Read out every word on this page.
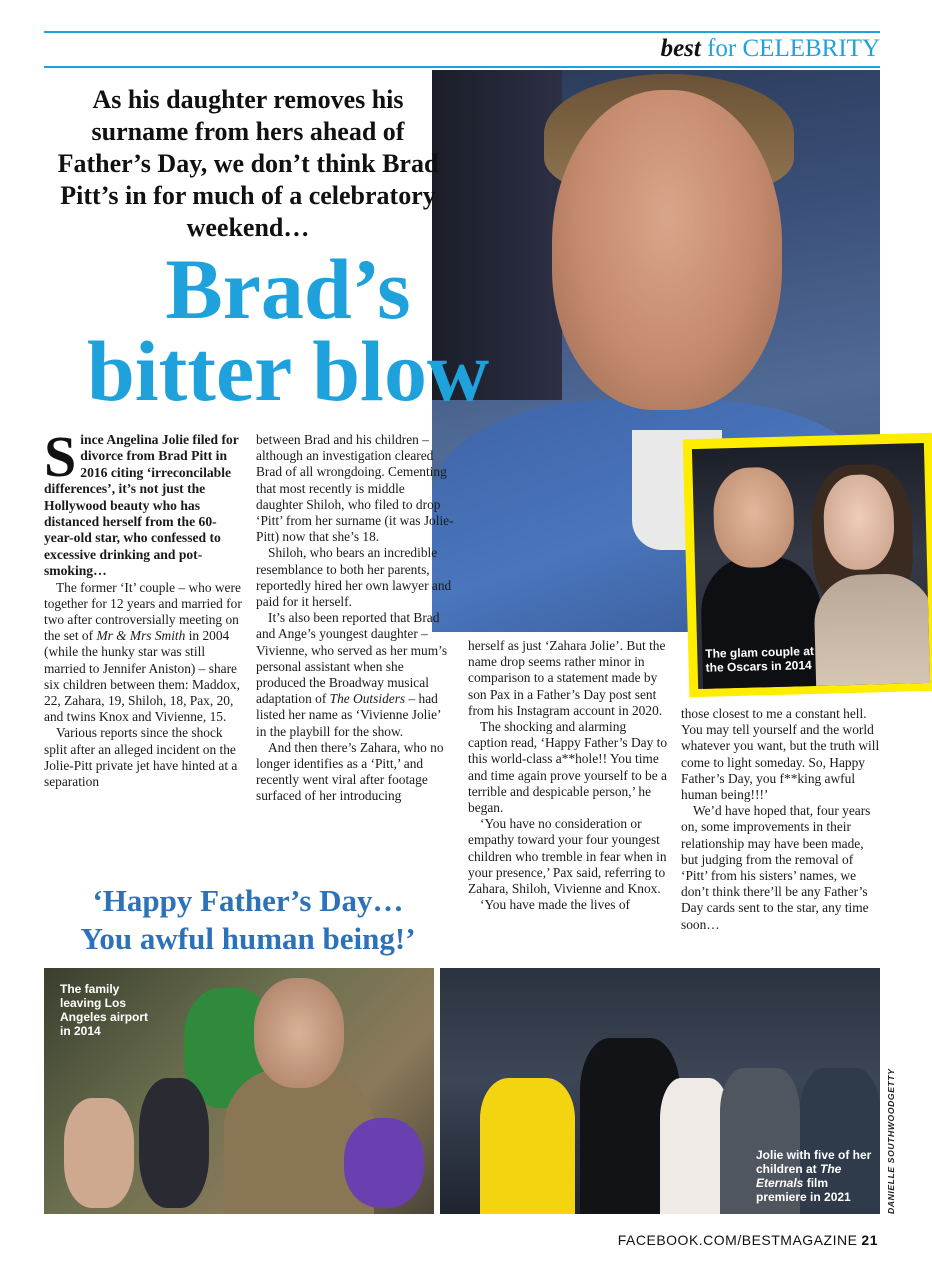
best for CELEBRITY
The glam couple at the Oscars in 2014
As his daughter removes his surname from hers ahead of Father’s Day, we don’t think Brad Pitt’s in for much of a celebratory weekend…
Brad’s
bitter blow

Since Angelina Jolie filed for divorce from Brad Pitt in 2016 citing ‘irreconcilable differences’, it’s not just the Hollywood beauty who has distanced herself from the 60-year-old star, who confessed to excessive drinking and pot-smoking…

The former ‘It’ couple – who were together for 12 years and married for two after controversially meeting on the set of Mr & Mrs Smith in 2004 (while the hunky star was still married to Jennifer Aniston) – share six children between them: Maddox, 22, Zahara, 19, Shiloh, 18, Pax, 20, and twins Knox and Vivienne, 15.

Various reports since the shock split after an alleged incident on the Jolie-Pitt private jet have hinted at a separation

between Brad and his children – although an investigation cleared Brad of all wrongdoing. Cementing that most recently is middle daughter Shiloh, who filed to drop ‘Pitt’ from her surname (it was Jolie-Pitt) now that she’s 18.

Shiloh, who bears an incredible resemblance to both her parents, reportedly hired her own lawyer and paid for it herself.

It’s also been reported that Brad and Ange’s youngest daughter – Vivienne, who served as her mum’s personal assistant when she produced the Broadway musical adaptation of The Outsiders – had listed her name as ‘Vivienne Jolie’ in the playbill for the show.

And then there’s Zahara, who no longer identifies as a ‘Pitt,’ and recently went viral after footage surfaced of her introducing

herself as just ‘Zahara Jolie’. But the name drop seems rather minor in comparison to a statement made by son Pax in a Father’s Day post sent from his Instagram account in 2020.

The shocking and alarming caption read, ‘Happy Father’s Day to this world-class a**hole!! You time and time again prove yourself to be a terrible and despicable person,’ he began.

‘You have no consideration or empathy toward your four youngest children who tremble in fear when in your presence,’ Pax said, referring to Zahara, Shiloh, Vivienne and Knox.

‘You have made the lives of

those closest to me a constant hell. You may tell yourself and the world whatever you want, but the truth will come to light someday. So, Happy Father’s Day, you f**king awful human being!!!’

We’d have hoped that, four years on, some improvements in their relationship may have been made, but judging from the removal of ‘Pitt’ from his sisters’ names, we don’t think there’ll be any Father’s Day cards sent to the star, any time soon…

‘Happy Father’s Day…
You awful human being!’
The family leaving Los Angeles airport in 2014
Jolie with five of her children at The Eternals film premiere in 2021	DANIELLE SOUTHWOOD
GETTY
FACEBOOK.COM/BESTMAGAZINE 21
